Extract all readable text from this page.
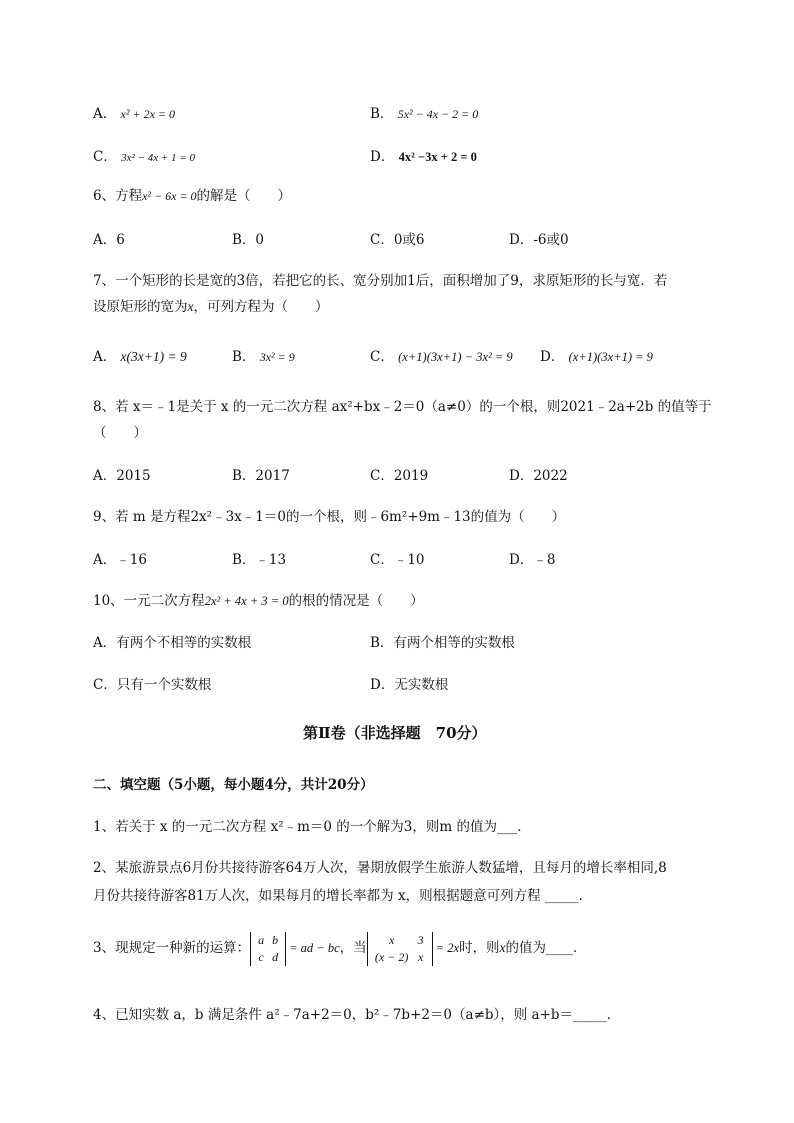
A． x² + 2x = 0	B． 5x² − 4x − 2 = 0
C． 3x² − 4x + 1 = 0	D． 4x² −3x + 2 = 0
6、方程x² − 6x = 0的解是（　　）
A．6	B．0	C．0或6	D．-6或0
7、一个矩形的长是宽的3倍，若把它的长、宽分别加1后，面积增加了9，求原矩形的长与宽．若
设原矩形的宽为x，可列方程为（　　）
A． x(3x+1) = 9	B． 3x² = 9	C． (x+1)(3x+1) − 3x² = 9 D． (x+1)(3x+1) = 9
8、若 x＝﹣1是关于 x 的一元二次方程 ax²+bx﹣2＝0（a≠0）的一个根，则2021﹣2a+2b 的值等于
（　　）
A．2015	B．2017	C．2019	D．2022
9、若 m 是方程2x²﹣3x﹣1＝0的一个根，则﹣6m²+9m﹣13的值为（　　）
A．﹣16	B．﹣13	C．﹣10	D．﹣8
10、一元二次方程2x² + 4x + 3 = 0的根的情况是（　　）
A．有两个不相等的实数根	B．有两个相等的实数根
C．只有一个实数根	D．无实数根
第Ⅱ卷（非选择题　70分）
二、填空题（5小题，每小题4分，共计20分）
1、若关于 x 的一元二次方程 x²﹣m＝0 的一个解为3，则m 的值为___．
2、某旅游景点6月份共接待游客64万人次，暑期放假学生旅游人数猛增，且每月的增长率相同,8
月份共接待游客81万人次，如果每月的增长率都为 x，则根据题意可列方程 _____．
3、现规定一种新的运算：
a b
c d
= ad − bc，当
x 3
(x − 2) x
= 2x时，则x的值为____．
4、已知实数 a，b 满足条件 a²﹣7a+2＝0，b²﹣7b+2＝0（a≠b），则 a+b＝_____．
